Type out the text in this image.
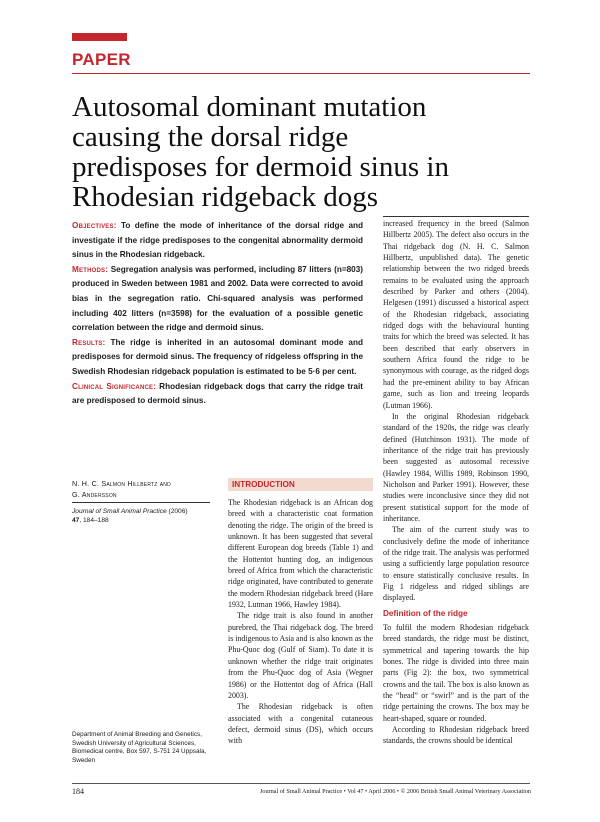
PAPER
Autosomal dominant mutation
causing the dorsal ridge
predisposes for dermoid sinus in
Rhodesian ridgeback dogs

Objectives: To define the mode of inheritance of the dorsal ridge and investigate if the ridge predisposes to the congenital abnormality dermoid sinus in the Rhodesian ridgeback.

Methods: Segregation analysis was performed, including 87 litters (n=803) produced in Sweden between 1981 and 2002. Data were corrected to avoid bias in the segregation ratio. Chi-squared analysis was performed including 402 litters (n=3598) for the evaluation of a possible genetic correlation between the ridge and dermoid sinus.

Results: The ridge is inherited in an autosomal dominant mode and predisposes for dermoid sinus. The frequency of ridgeless offspring in the Swedish Rhodesian ridgeback population is estimated to be 5·6 per cent.

Clinical Significance: Rhodesian ridgeback dogs that carry the ridge trait are predisposed to dermoid sinus.

increased frequency in the breed (Salmon Hillbertz 2005). The defect also occurs in the Thai ridgeback dog (N. H. C. Salmon Hillbertz, unpublished data). The genetic relationship between the two ridged breeds remains to be evaluated using the approach described by Parker and others (2004). Helgesen (1991) discussed a historical aspect of the Rhodesian ridgeback, associating ridged dogs with the behavioural hunting traits for which the breed was selected. It has been described that early observers in southern Africa found the ridge to be synonymous with courage, as the ridged dogs had the pre-eminent ability to bay African game, such as lion and treeing leopards (Lutman 1966).

In the original Rhodesian ridgeback standard of the 1920s, the ridge was clearly defined (Hutchinson 1931). The mode of inheritance of the ridge trait has previously been suggested as autosomal recessive (Hawley 1984, Willis 1989, Robinson 1990, Nicholson and Parker 1991). However, these studies were inconclusive since they did not present statistical support for the mode of inheritance.

The aim of the current study was to conclusively define the mode of inheritance of the ridge trait. The analysis was performed using a sufficiently large population resource to ensure statistically conclusive results. In Fig 1 ridgeless and ridged siblings are displayed.

Definition of the ridge

To fulfil the modern Rhodesian ridgeback breed standards, the ridge must be distinct, symmetrical and tapering towards the hip bones. The ridge is divided into three main parts (Fig 2): the box, two symmetrical crowns and the tail. The box is also known as the “head” or “swirl” and is the part of the ridge pertaining the crowns. The box may be heart-shaped, square or rounded.

According to Rhodesian ridgeback breed standards, the crowns should be identical

N. H. C. Salmon Hillbertz and
G. Andersson
Journal of Small Animal Practice (2006)
47, 184–188
Department of Animal Breeding and Genetics,
Swedish University of Agricultural Sciences,
Biomedical centre, Box 597, S-751 24 Uppsala,
Sweden
INTRODUCTION

The Rhodesian ridgeback is an African dog breed with a characteristic coat formation denoting the ridge. The origin of the breed is unknown. It has been suggested that several different European dog breeds (Table 1) and the Hottentot hunting dog, an indigenous breed of Africa from which the characteristic ridge originated, have contributed to generate the modern Rhodesian ridgeback breed (Hare 1932, Lutman 1966, Hawley 1984).

The ridge trait is also found in another purebred, the Thai ridgeback dog. The breed is indigenous to Asia and is also known as the Phu-Quoc dog (Gulf of Siam). To date it is unknown whether the ridge trait originates from the Phu-Quoc dog of Asia (Wegner 1986) or the Hottentot dog of Africa (Hall 2003).

The Rhodesian ridgeback is often associated with a congenital cutaneous defect, dermoid sinus (DS), which occurs with

184	Journal of Small Animal Practice • Vol 47 • April 2006 • © 2006 British Small Animal Veterinary Association
